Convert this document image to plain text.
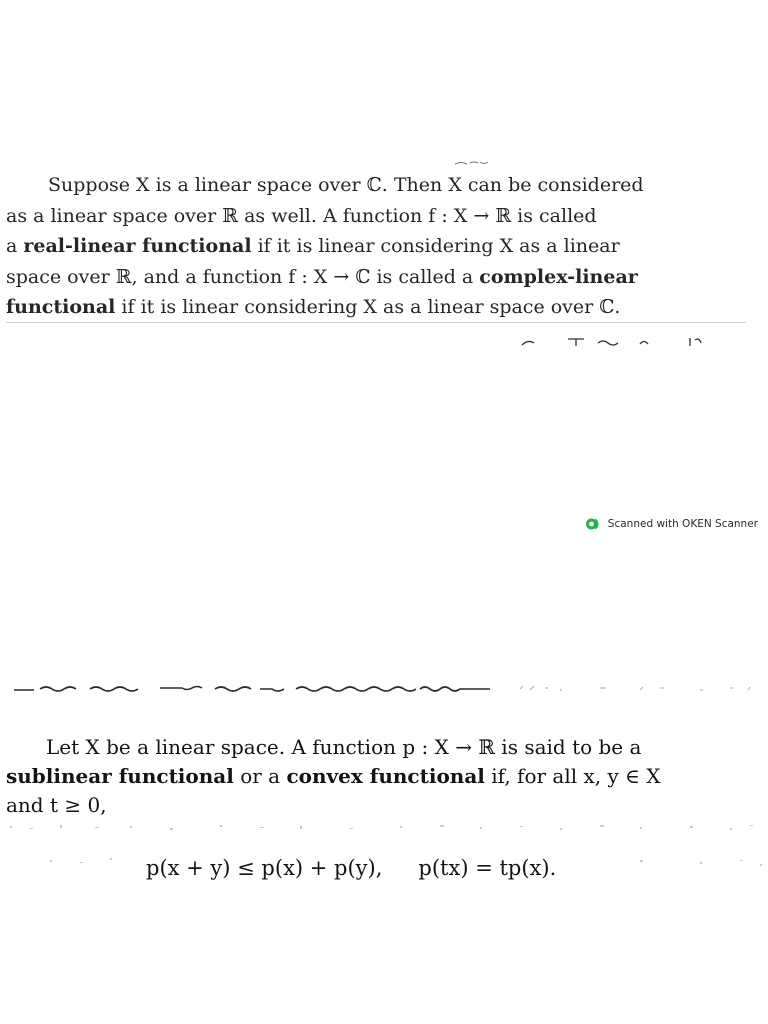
Suppose X is a linear space over ℂ. Then X can be considered
as a linear space over ℝ as well. A function f : X → ℝ is called
a real-linear functional if it is linear considering X as a linear
space over ℝ, and a function f : X → ℂ is called a complex-linear
functional if it is linear considering X as a linear space over ℂ.
Scanned with OKEN Scanner
Let X be a linear space. A function p : X → ℝ is said to be a
sublinear functional or a convex functional if, for all x, y ∈ X
and t ≥ 0,
p(x + y) ≤ p(x) + p(y), p(tx) = tp(x).
